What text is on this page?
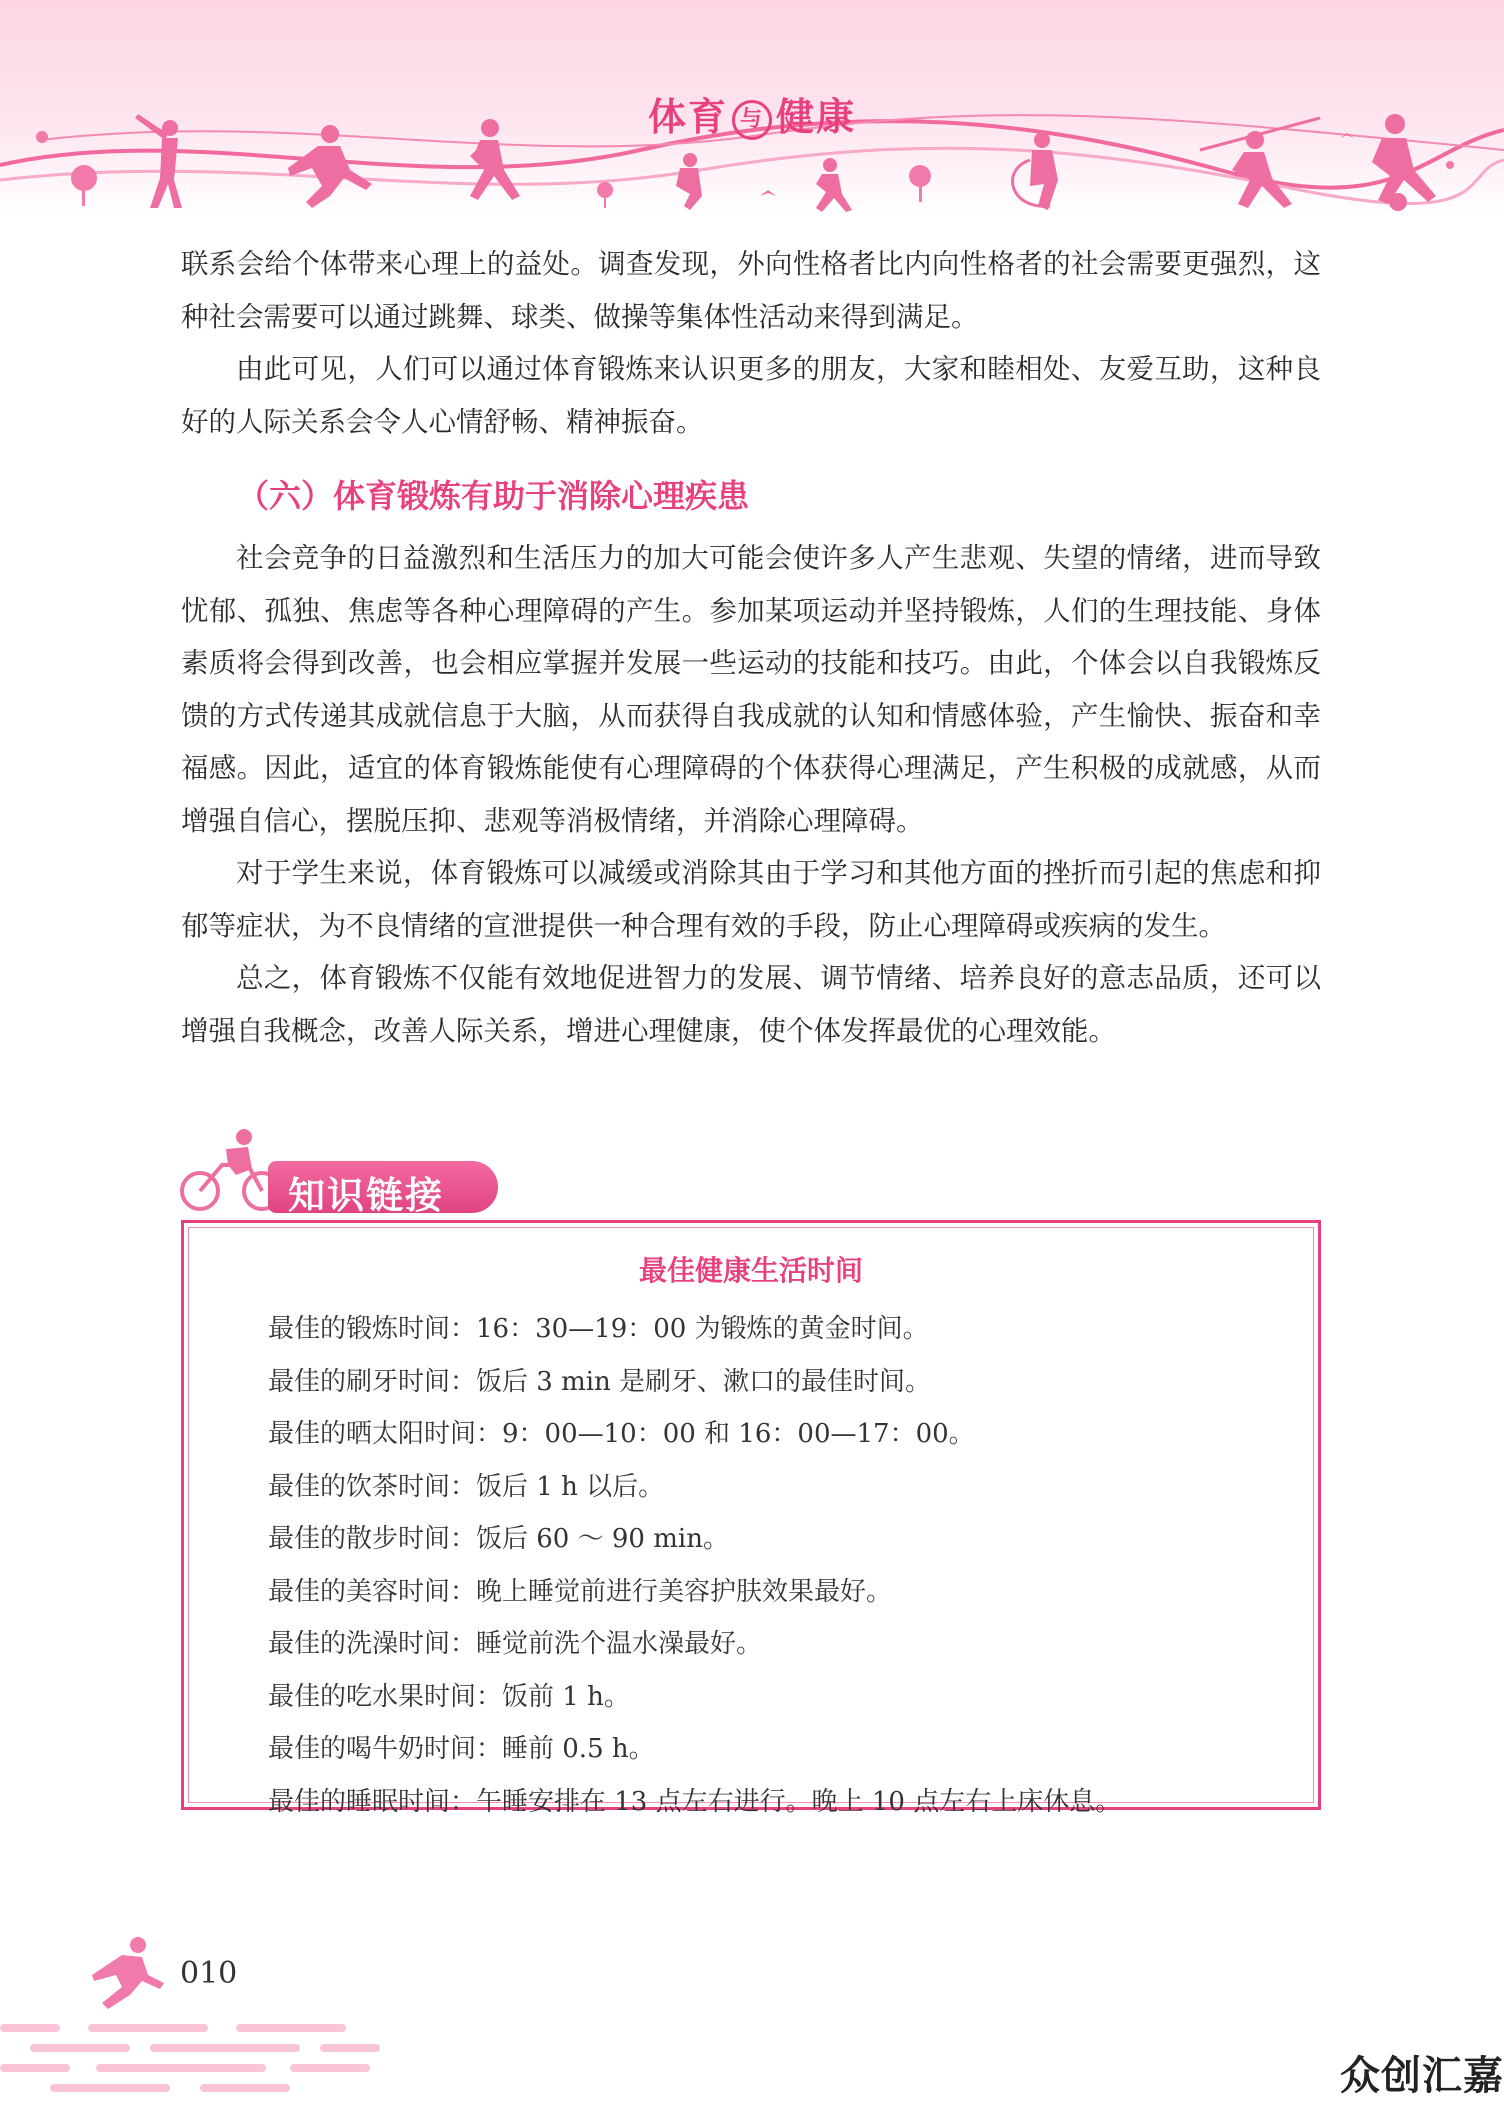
体育 与 健康

联系会给个体带来心理上的益处。调查发现，外向性格者比内向性格者的社会需要更强烈，这种社会需要可以通过跳舞、球类、做操等集体性活动来得到满足。

由此可见，人们可以通过体育锻炼来认识更多的朋友，大家和睦相处、友爱互助，这种良好的人际关系会令人心情舒畅、精神振奋。

（六）体育锻炼有助于消除心理疾患

社会竞争的日益激烈和生活压力的加大可能会使许多人产生悲观、失望的情绪，进而导致忧郁、孤独、焦虑等各种心理障碍的产生。参加某项运动并坚持锻炼，人们的生理技能、身体素质将会得到改善，也会相应掌握并发展一些运动的技能和技巧。由此，个体会以自我锻炼反馈的方式传递其成就信息于大脑，从而获得自我成就的认知和情感体验，产生愉快、振奋和幸福感。因此，适宜的体育锻炼能使有心理障碍的个体获得心理满足，产生积极的成就感，从而增强自信心，摆脱压抑、悲观等消极情绪，并消除心理障碍。

对于学生来说，体育锻炼可以减缓或消除其由于学习和其他方面的挫折而引起的焦虑和抑郁等症状，为不良情绪的宣泄提供一种合理有效的手段，防止心理障碍或疾病的发生。

总之，体育锻炼不仅能有效地促进智力的发展、调节情绪、培养良好的意志品质，还可以增强自我概念，改善人际关系，增进心理健康，使个体发挥最优的心理效能。

知识链接
最佳健康生活时间
最佳的锻炼时间：16：30—19：00 为锻炼的黄金时间。
最佳的刷牙时间：饭后 3 min 是刷牙、漱口的最佳时间。
最佳的晒太阳时间：9：00—10：00 和 16：00—17：00。
最佳的饮茶时间：饭后 1 h 以后。
最佳的散步时间：饭后 60 ～ 90 min。
最佳的美容时间：晚上睡觉前进行美容护肤效果最好。
最佳的洗澡时间：睡觉前洗个温水澡最好。
最佳的吃水果时间：饭前 1 h。
最佳的喝牛奶时间：睡前 0.5 h。
最佳的睡眠时间：午睡安排在 13 点左右进行。晚上 10 点左右上床休息。
010
众创汇嘉
